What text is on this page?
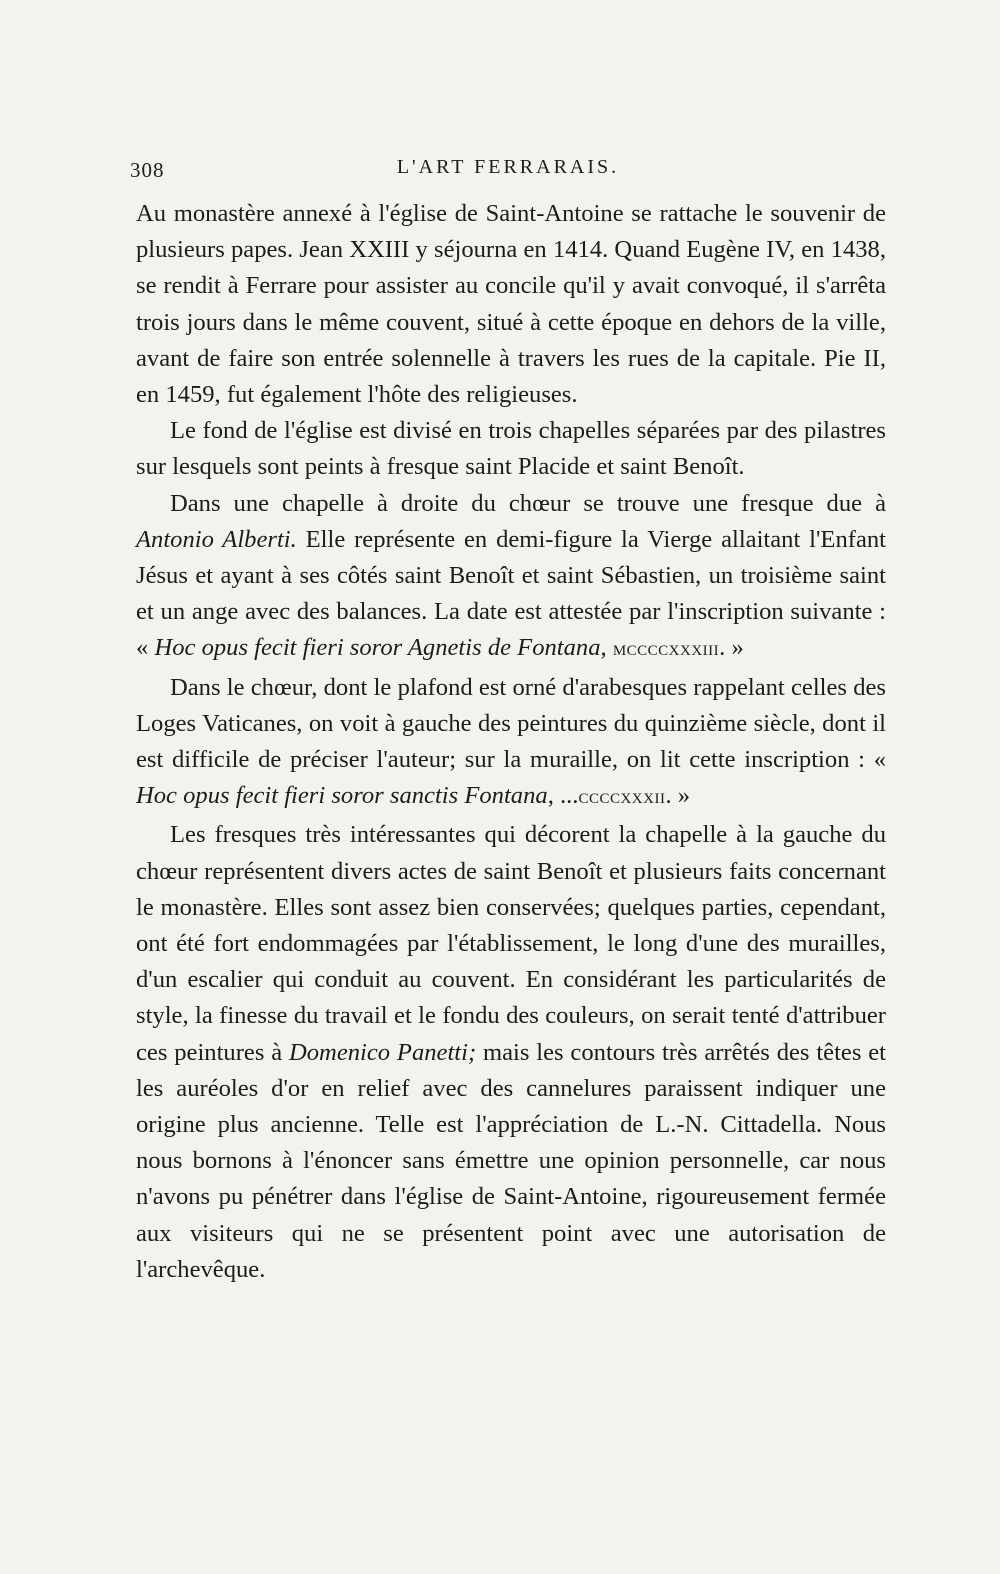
308	L'ART FERRARAIS.

Au monastère annexé à l'église de Saint-Antoine se rattache le souvenir de plusieurs papes. Jean XXIII y séjourna en 1414. Quand Eugène IV, en 1438, se rendit à Ferrare pour assister au concile qu'il y avait convoqué, il s'arrêta trois jours dans le même couvent, situé à cette époque en dehors de la ville, avant de faire son entrée solennelle à travers les rues de la capitale. Pie II, en 1459, fut également l'hôte des religieuses.

Le fond de l'église est divisé en trois chapelles séparées par des pilastres sur lesquels sont peints à fresque saint Placide et saint Benoît.

Dans une chapelle à droite du chœur se trouve une fresque due à Antonio Alberti. Elle représente en demi-figure la Vierge allaitant l'Enfant Jésus et ayant à ses côtés saint Benoît et saint Sébastien, un troisième saint et un ange avec des balances. La date est attestée par l'inscription suivante : « Hoc opus fecit fieri soror Agnetis de Fontana, MCCCCXXXIII. »

Dans le chœur, dont le plafond est orné d'arabesques rappelant celles des Loges Vaticanes, on voit à gauche des peintures du quinzième siècle, dont il est difficile de préciser l'auteur; sur la muraille, on lit cette inscription : « Hoc opus fecit fieri soror sanctis Fontana, ...CCCCXXXII. »

Les fresques très intéressantes qui décorent la chapelle à la gauche du chœur représentent divers actes de saint Benoît et plusieurs faits concernant le monastère. Elles sont assez bien conservées; quelques parties, cependant, ont été fort endommagées par l'établissement, le long d'une des murailles, d'un escalier qui conduit au couvent. En considérant les particularités de style, la finesse du travail et le fondu des couleurs, on serait tenté d'attribuer ces peintures à Domenico Panetti; mais les contours très arrêtés des têtes et les auréoles d'or en relief avec des cannelures paraissent indiquer une origine plus ancienne. Telle est l'appréciation de L.-N. Cittadella. Nous nous bornons à l'énoncer sans émettre une opinion personnelle, car nous n'avons pu pénétrer dans l'église de Saint-Antoine, rigoureusement fermée aux visiteurs qui ne se présentent point avec une autorisation de l'archevêque.
